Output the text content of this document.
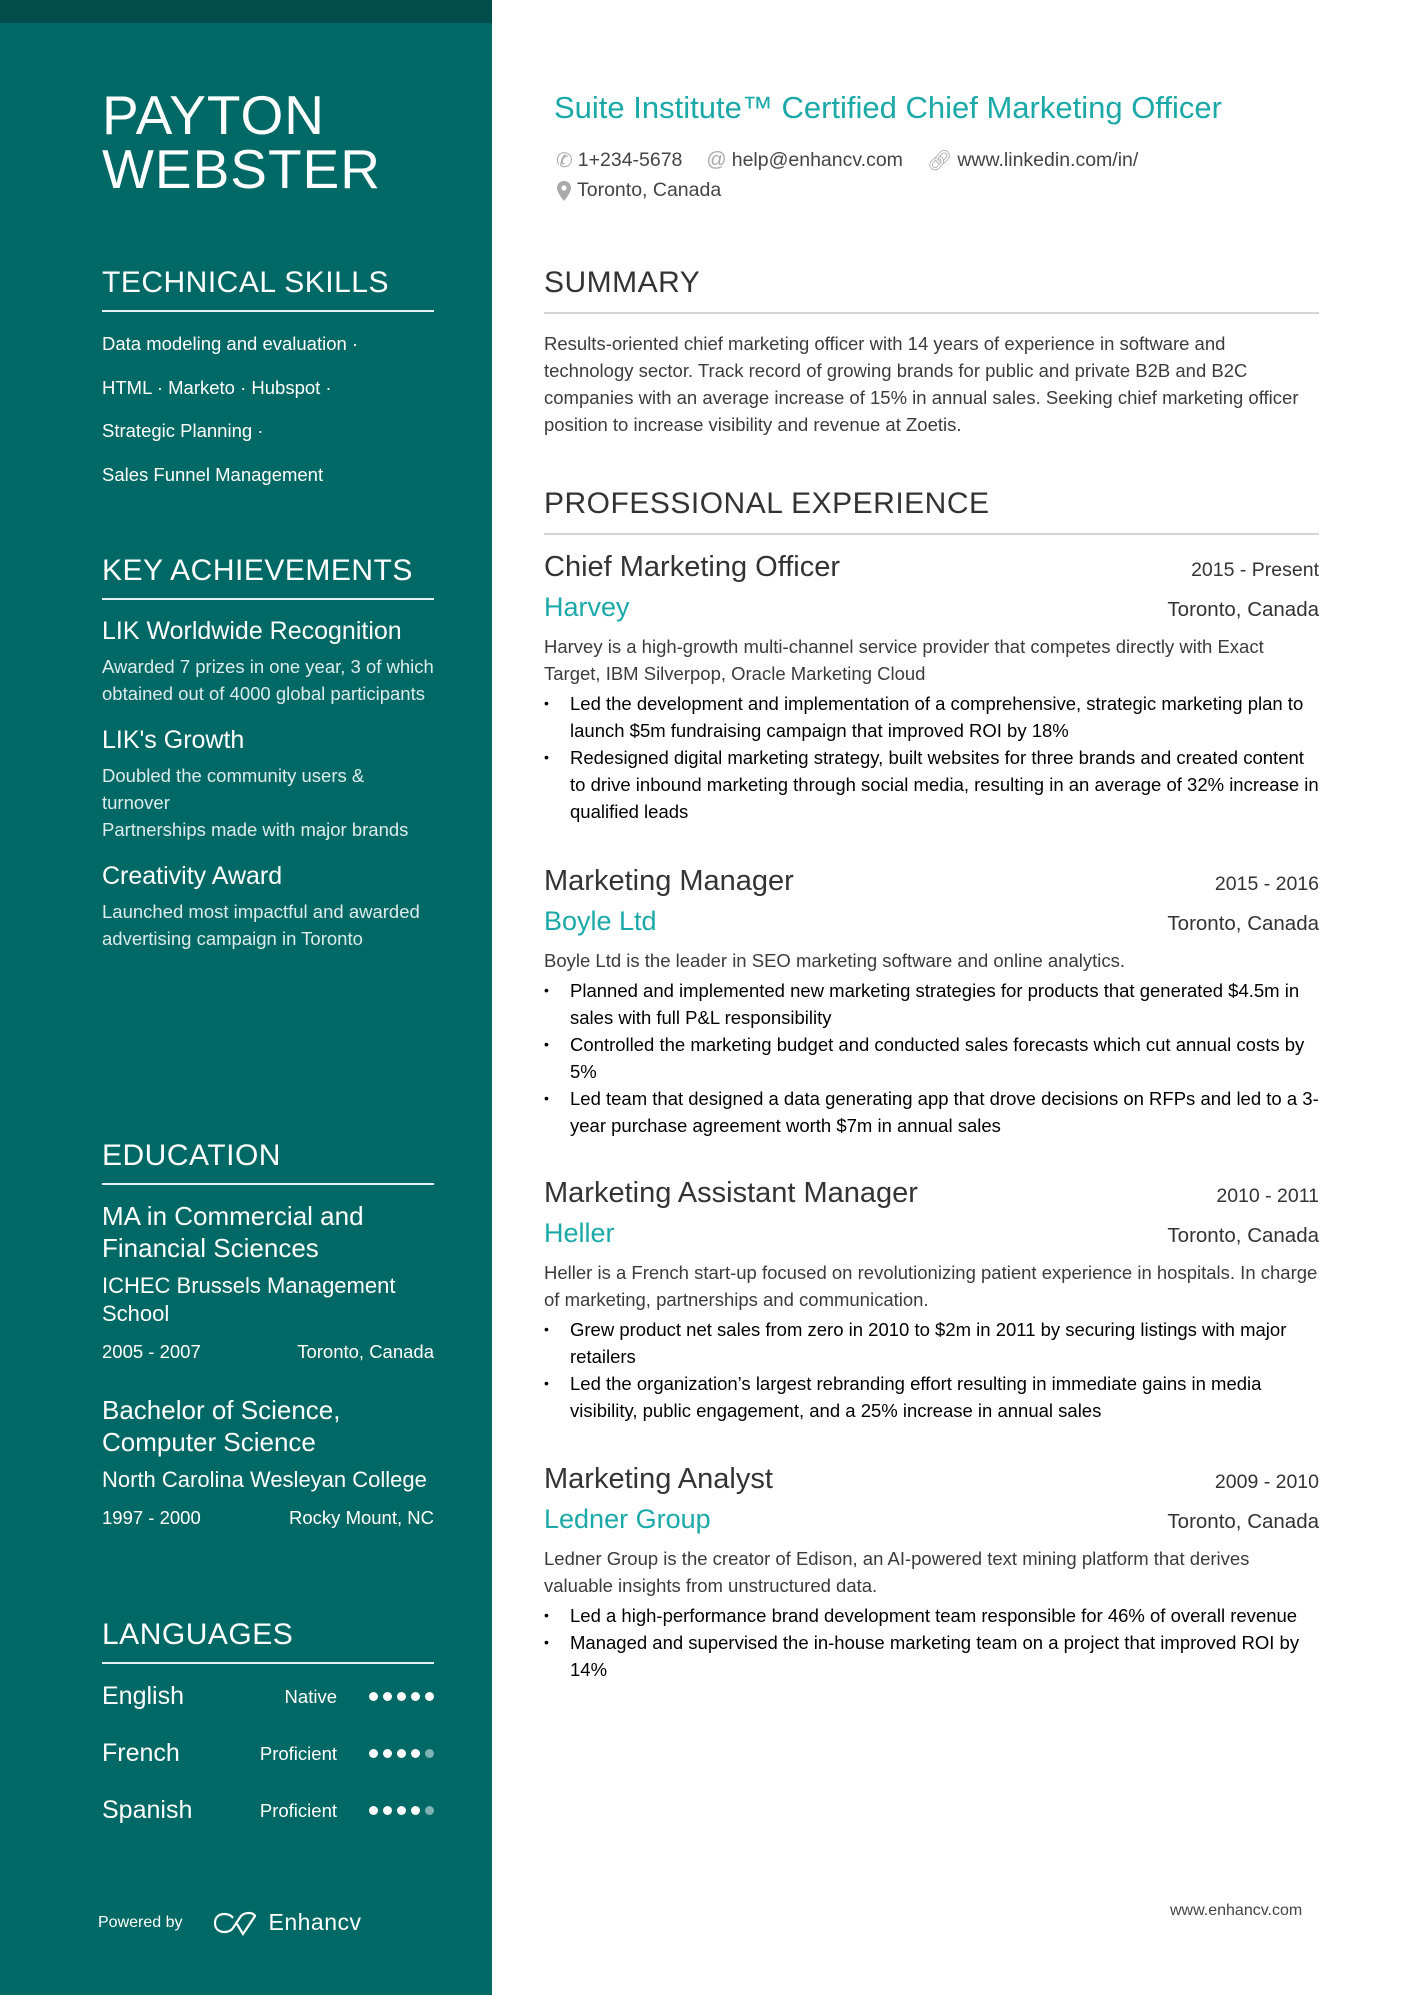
PAYTON
WEBSTER
TECHNICAL SKILLS
Data modeling and evaluation ·
HTML · Marketo · Hubspot ·
Strategic Planning ·
Sales Funnel Management
KEY ACHIEVEMENTS
LIK Worldwide Recognition
Awarded 7 prizes in one year, 3 of which obtained out of 4000 global participants
LIK's Growth
Doubled the community users & turnover
Partnerships made with major brands
Creativity Award
Launched most impactful and awarded advertising campaign in Toronto
EDUCATION
MA in Commercial and Financial Sciences
ICHEC Brussels Management School
2005 - 2007	Toronto, Canada
Bachelor of Science, Computer Science
North Carolina Wesleyan College
1997 - 2000	Rocky Mount, NC
LANGUAGES
English	Native
French	Proficient
Spanish	Proficient
Powered by	Enhancv
Suite Institute™ Certified Chief Marketing Officer
✆ 1+234-5678 @ help@enhancv.com 🔗︎ www.linkedin.com/in/
Toronto, Canada
SUMMARY
Results-oriented chief marketing officer with 14 years of experience in software and technology sector. Track record of growing brands for public and private B2B and B2C companies with an average increase of 15% in annual sales. Seeking chief marketing officer position to increase visibility and revenue at Zoetis.
PROFESSIONAL EXPERIENCE
Chief Marketing Officer	2015 - Present
Harvey	Toronto, Canada
Harvey is a high-growth multi-channel service provider that competes directly with Exact Target, IBM Silverpop, Oracle Marketing Cloud
• Led the development and implementation of a comprehensive, strategic marketing plan to launch $5m fundraising campaign that improved ROI by 18%
• Redesigned digital marketing strategy, built websites for three brands and created content to drive inbound marketing through social media, resulting in an average of 32% increase in qualified leads
Marketing Manager	2015 - 2016
Boyle Ltd	Toronto, Canada
Boyle Ltd is the leader in SEO marketing software and online analytics.
• Planned and implemented new marketing strategies for products that generated $4.5m in sales with full P&L responsibility
• Controlled the marketing budget and conducted sales forecasts which cut annual costs by 5%
• Led team that designed a data generating app that drove decisions on RFPs and led to a 3-year purchase agreement worth $7m in annual sales
Marketing Assistant Manager	2010 - 2011
Heller	Toronto, Canada
Heller is a French start-up focused on revolutionizing patient experience in hospitals. In charge of marketing, partnerships and communication.
• Grew product net sales from zero in 2010 to $2m in 2011 by securing listings with major retailers
• Led the organization’s largest rebranding effort resulting in immediate gains in media visibility, public engagement, and a 25% increase in annual sales
Marketing Analyst	2009 - 2010
Ledner Group	Toronto, Canada
Ledner Group is the creator of Edison, an AI-powered text mining platform that derives valuable insights from unstructured data.
• Led a high-performance brand development team responsible for 46% of overall revenue
• Managed and supervised the in-house marketing team on a project that improved ROI by 14%
www.enhancv.com
